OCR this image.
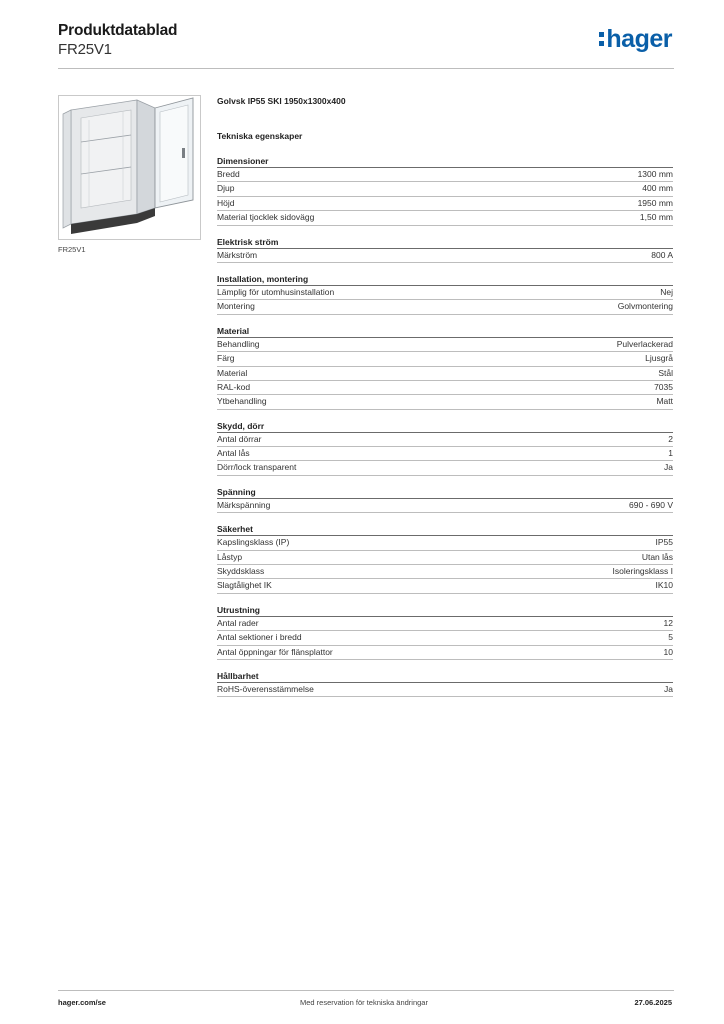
Produktdatablad
FR25V1	hager
FR25V1
Golvsk IP55 SKl 1950x1300x400
Tekniska egenskaper
Dimensioner
Bredd	1300 mm
Djup	400 mm
Höjd	1950 mm
Material tjocklek sidovägg	1,50 mm
Elektrisk ström
Märkström	800 A
Installation, montering
Lämplig för utomhusinstallation	Nej
Montering	Golvmontering
Material
Behandling	Pulverlackerad
Färg	Ljusgrå
Material	Stål
RAL-kod	7035
Ytbehandling	Matt
Skydd, dörr
Antal dörrar	2
Antal lås	1
Dörr/lock transparent	Ja
Spänning
Märkspänning	690 - 690 V
Säkerhet
Kapslingsklass (IP)	IP55
Låstyp	Utan lås
Skyddsklass	Isoleringsklass I
Slagtålighet IK	IK10
Utrustning
Antal rader	12
Antal sektioner i bredd	5
Antal öppningar för flänsplattor	10
Hållbarhet
RoHS-överensstämmelse	Ja
hager.com/se	Med reservation för tekniska ändringar	27.06.2025
